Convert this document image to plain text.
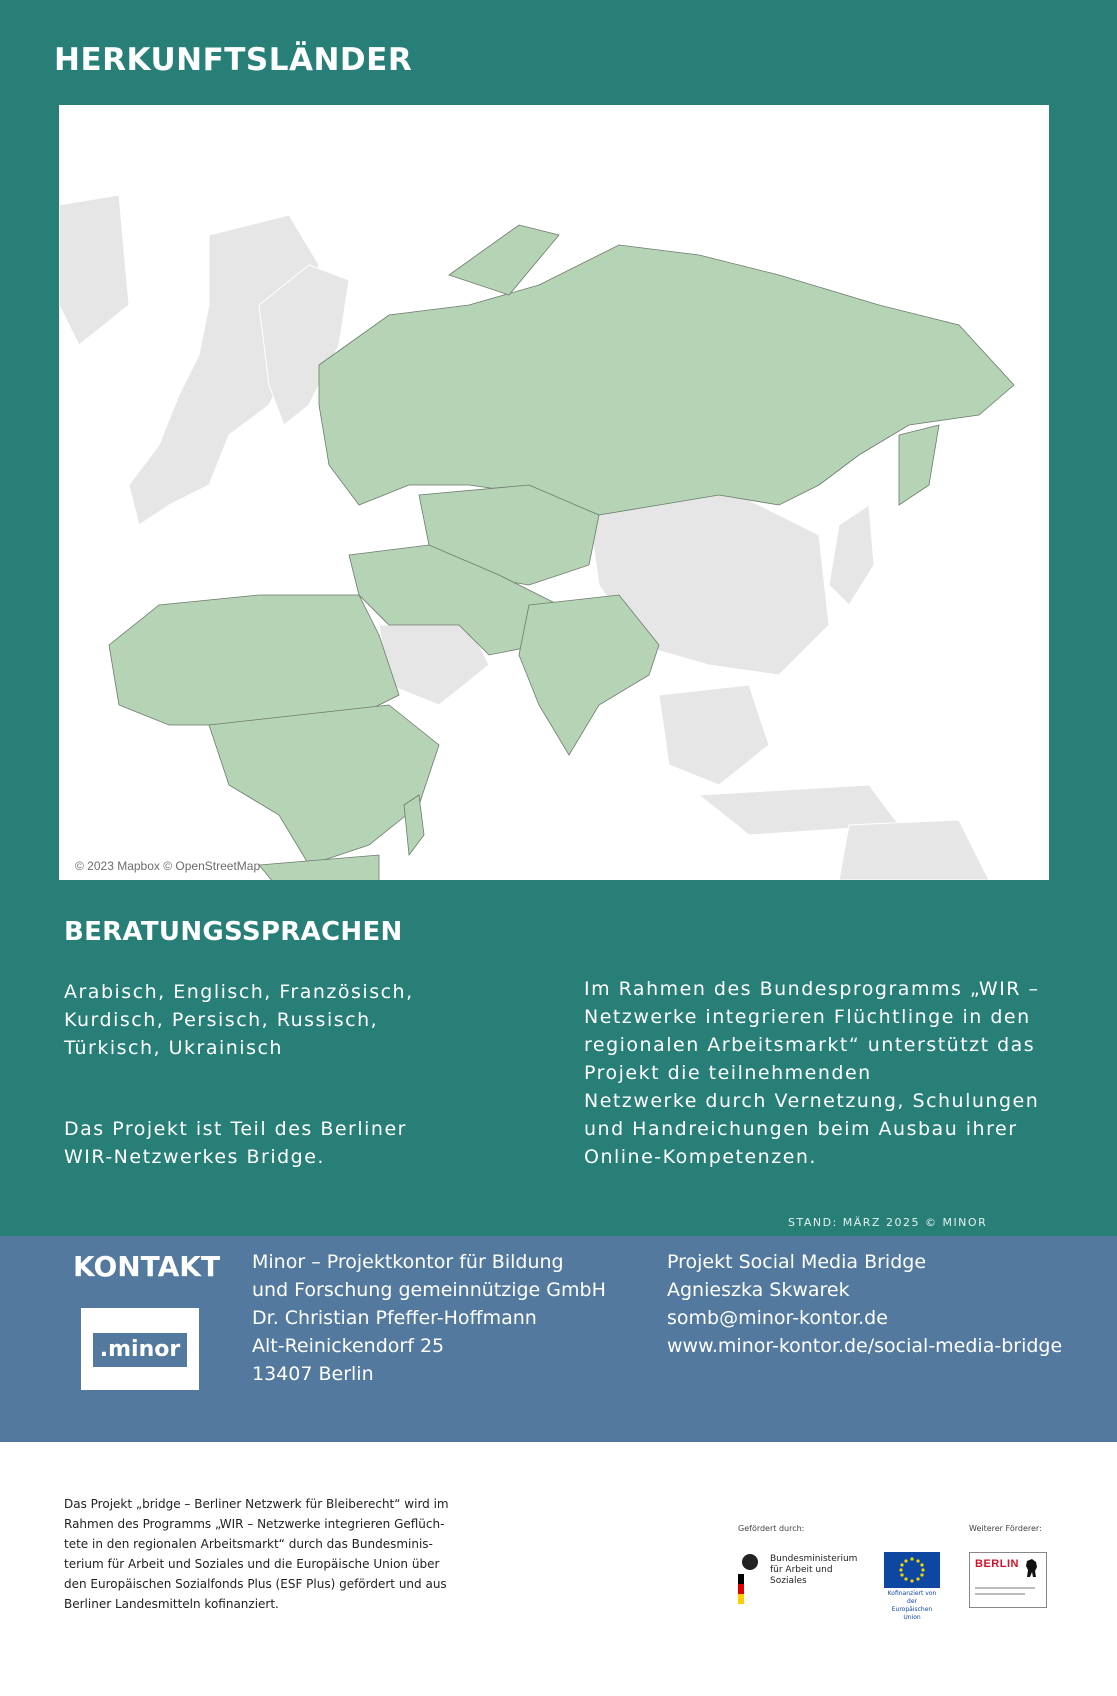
HERKUNFTSLÄNDER
© 2023 Mapbox © OpenStreetMap
BERATUNGSSPRACHEN
Arabisch, Englisch, Französisch,
Kurdisch, Persisch, Russisch,
Türkisch, Ukrainisch
Das Projekt ist Teil des Berliner
WIR-Netzwerkes Bridge.
Im Rahmen des Bundesprogramms „WIR –
Netzwerke integrieren Flüchtlinge in den
regionalen Arbeitsmarkt“ unterstützt das
Projekt die teilnehmenden
Netzwerke durch Vernetzung, Schulungen
und Handreichungen beim Ausbau ihrer
Online-Kompetenzen.
STAND: MÄRZ 2025 © MINOR
KONTAKT
.minor
Minor – Projektkontor für Bildung
und Forschung gemeinnützige GmbH
Dr. Christian Pfeffer-Hoffmann
Alt-Reinickendorf 25
13407 Berlin
Projekt Social Media Bridge
Agnieszka Skwarek
somb@minor-kontor.de
www.minor-kontor.de/social-media-bridge
Das Projekt „bridge – Berliner Netzwerk für Bleiberecht“ wird im
Rahmen des Programms „WIR – Netzwerke integrieren Geflüch-
tete in den regionalen Arbeitsmarkt“ durch das Bundesminis-
terium für Arbeit und Soziales und die Europäische Union über
den Europäischen Sozialfonds Plus (ESF Plus) gefördert und aus
Berliner Landesmitteln kofinanziert.
Gefördert durch:
Bundesministerium
für Arbeit und Soziales
Kofinanziert von der
Europäischen Union
Weiterer Förderer:
BERLIN
